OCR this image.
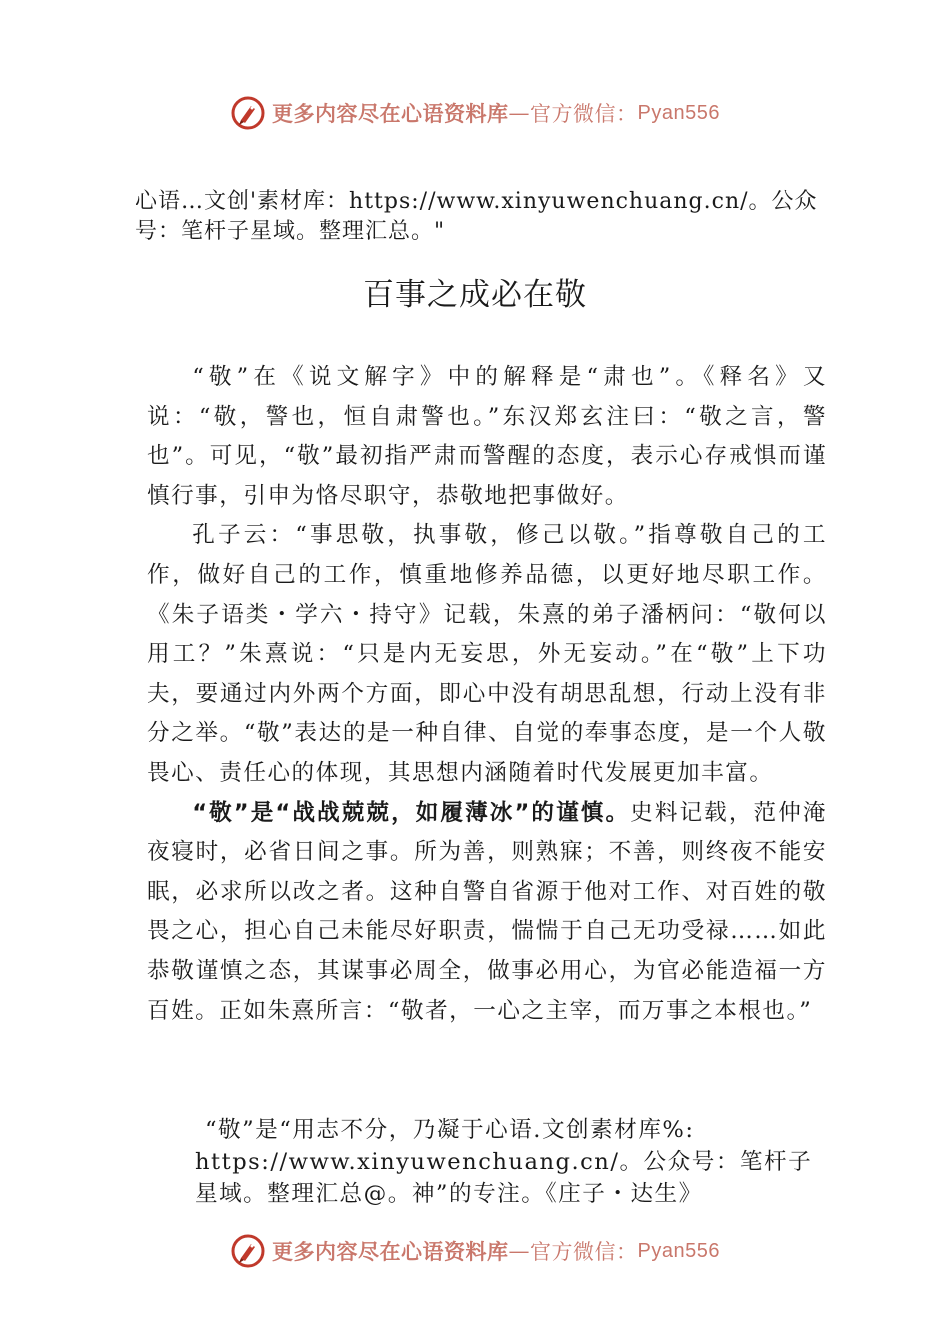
更多内容尽在心语资料库 — 官方微信： Pyan556
心语…文创'素材库：https://www.xinyuwenchuang.cn/。公众号：笔杆子星域。整理汇总。"
百事之成必在敬

“敬”在《说文解字》中的解释是“肃也”。《释名》又说：“敬，警也，恒自肃警也。”东汉郑玄注曰：“敬之言，警也”。可见，“敬”最初指严肃而警醒的态度，表示心存戒惧而谨慎行事，引申为恪尽职守，恭敬地把事做好。

孔子云：“事思敬，执事敬，修己以敬。”指尊敬自己的工作，做好自己的工作，慎重地修养品德，以更好地尽职工作。《朱子语类・学六・持守》记载，朱熹的弟子潘柄问：“敬何以用工？”朱熹说：“只是内无妄思，外无妄动。”在“敬”上下功夫，要通过内外两个方面，即心中没有胡思乱想，行动上没有非分之举。“敬”表达的是一种自律、自觉的奉事态度，是一个人敬畏心、责任心的体现，其思想内涵随着时代发展更加丰富。

“敬”是“战战兢兢，如履薄冰”的谨慎。史料记载，范仲淹夜寝时，必省日间之事。所为善，则熟寐；不善，则终夜不能安眠，必求所以改之者。这种自警自省源于他对工作、对百姓的敬畏之心，担心自己未能尽好职责，惴惴于自己无功受禄……如此恭敬谨慎之态，其谋事必周全，做事必用心，为官必能造福一方百姓。正如朱熹所言：“敬者，一心之主宰，而万事之本根也。”

“敬”是“用志不分，乃凝于心语.文创素材库%:
https://www.xinyuwenchuang.cn/。公众号：笔杆子星域。整理汇总@。神”的专注。《庄子・达生》
更多内容尽在心语资料库 — 官方微信： Pyan556
